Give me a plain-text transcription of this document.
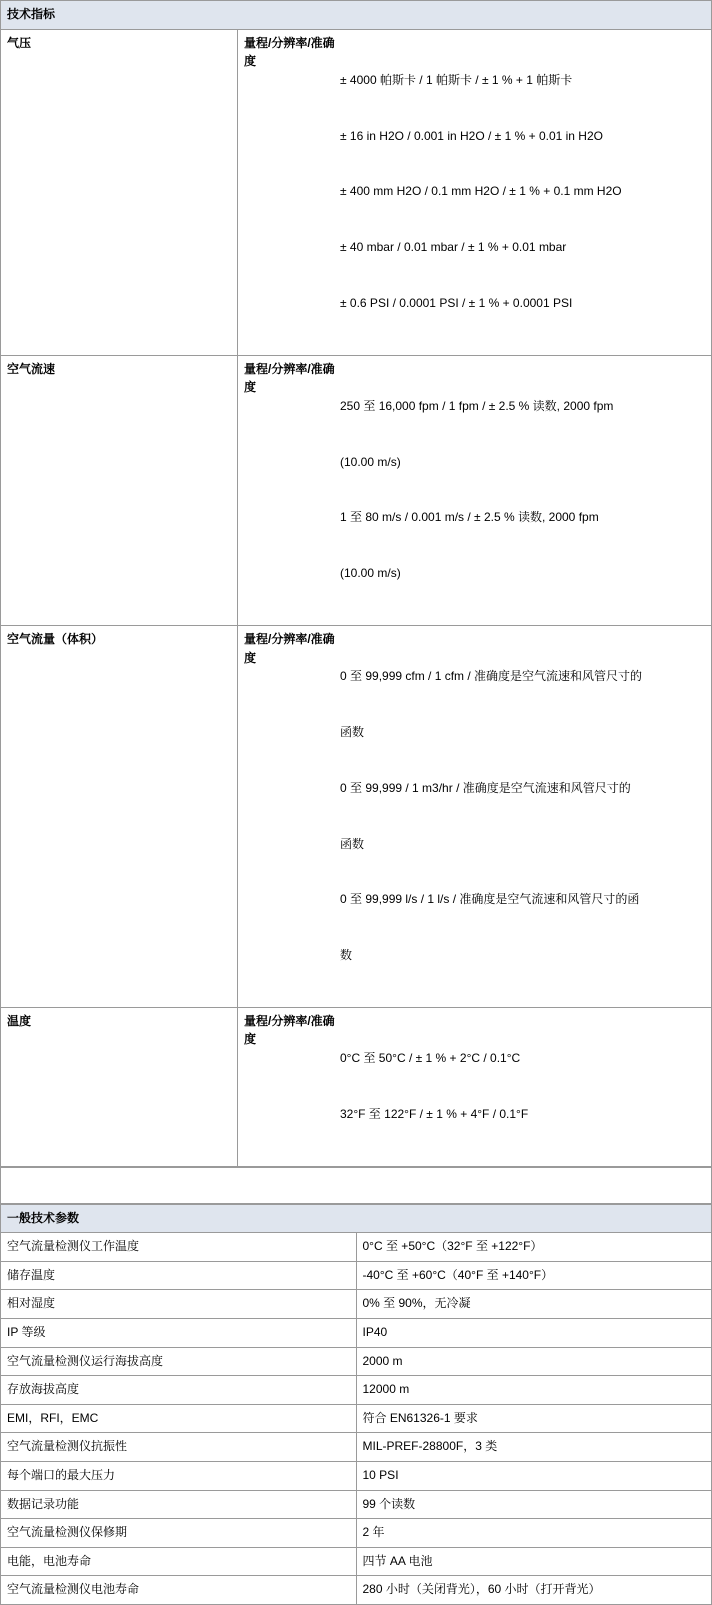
技术指标	
气压	量程/分辨率/准确度

± 4000 帕斯卡 / 1 帕斯卡 / ± 1 % + 1 帕斯卡

± 16 in H2O / 0.001 in H2O / ± 1 % + 0.01 in H2O

± 400 mm H2O / 0.1 mm H2O / ± 1 % + 0.1 mm H2O

± 40 mbar / 0.01 mbar / ± 1 % + 0.01 mbar

± 0.6 PSI / 0.0001 PSI / ± 1 % + 0.0001 PSI

空气流速	量程/分辨率/准确度

250 至 16,000 fpm / 1 fpm / ± 2.5 % 读数, 2000 fpm

(10.00 m/s)

1 至 80 m/s / 0.001 m/s / ± 2.5 % 读数, 2000 fpm

(10.00 m/s)

空气流量（体积）	量程/分辨率/准确度

0 至 99,999 cfm / 1 cfm / 准确度是空气流速和风管尺寸的

函数

0 至 99,999 / 1 m3/hr / 准确度是空气流速和风管尺寸的

函数

0 至 99,999 l/s / 1 l/s / 准确度是空气流速和风管尺寸的函

数

温度	量程/分辨率/准确度

0°C 至 50°C / ± 1 % + 2°C / 0.1°C

32°F 至 122°F / ± 1 % + 4°F / 0.1°F

一般技术参数	
空气流量检测仪工作温度	0°C 至 +50°C（32°F 至 +122°F）
储存温度	-40°C 至 +60°C（40°F 至 +140°F）
相对湿度	0% 至 90%，无冷凝
IP 等级	IP40
空气流量检测仪运行海拔高度	2000 m
存放海拔高度	12000 m
EMI，RFI，EMC	符合 EN61326-1 要求
空气流量检测仪抗振性	MIL-PREF-28800F，3 类
每个端口的最大压力	10 PSI
数据记录功能	99 个读数
空气流量检测仪保修期	2 年
电能，电池寿命	四节 AA 电池
空气流量检测仪电池寿命	280 小时（关闭背光），60 小时（打开背光）
